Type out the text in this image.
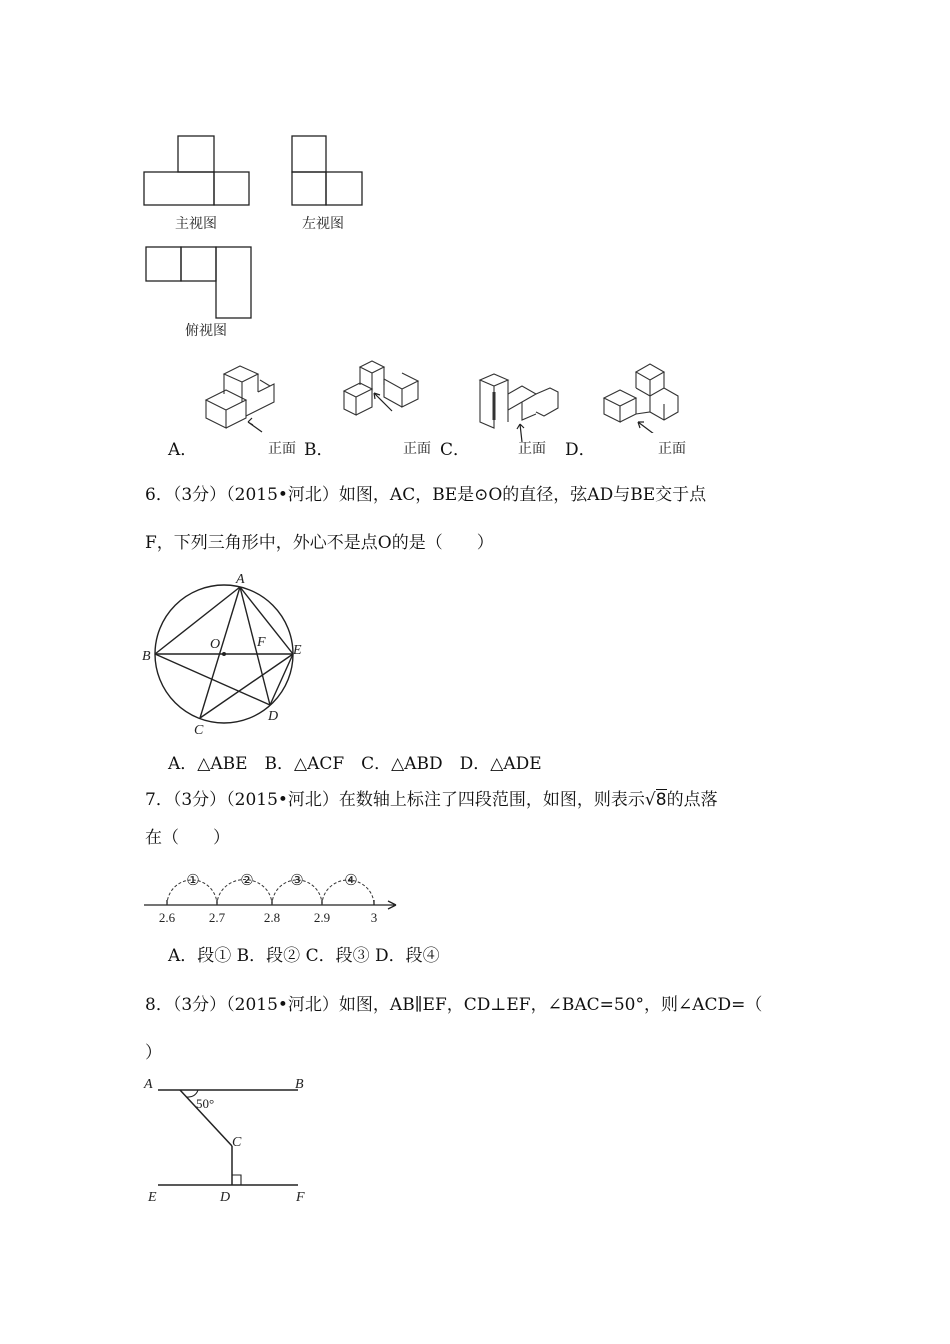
主视图	左视图
俯视图
A．	正面 B．	正面 C．	正面 D．	正面
6．（3分）（2015•河北）如图，AC，BE是⊙O的直径，弦AD与BE交于点
F，下列三角形中，外心不是点O的是（　　）
A
B
C
D
E
F
O
A．△ABE　B．△ACF　C．△ABD　D．△ADE
7．（3分）（2015•河北）在数轴上标注了四段范围，如图，则表示√8的点落
在（　　）
2.6	2.7	2.8	2.9	3
①	② ③	④
A．段① B．段② C．段③ D．段④
8．（3分）（2015•河北）如图，AB∥EF，CD⊥EF，∠BAC=50°，则∠ACD=（
）
A	B
C
D
E	F
50°
